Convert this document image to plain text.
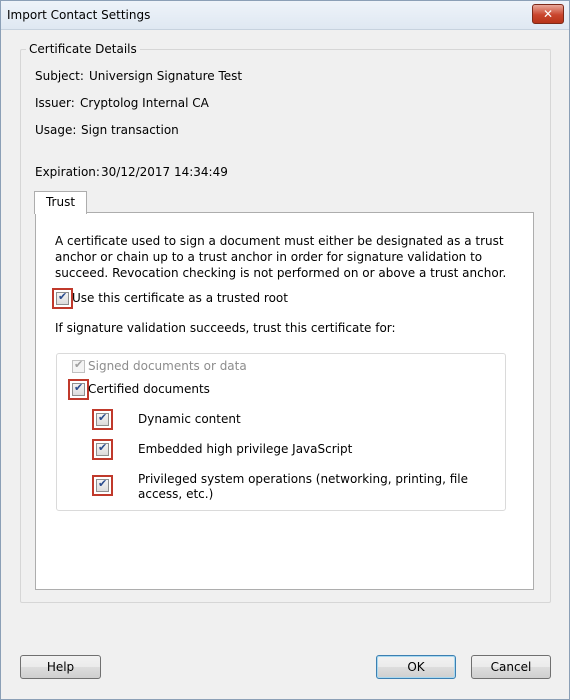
Import Contact Settings	✕
Certificate Details
Subject: Universign Signature Test
Issuer: Cryptolog Internal CA
Usage: Sign transaction
Expiration: 30/12/2017 14:34:49
Trust
A certificate used to sign a document must either be designated as a trust anchor or chain up to a trust anchor in order for signature validation to succeed. Revocation checking is not performed on or above a trust anchor.
✔ Use this certificate as a trusted root
If signature validation succeeds, trust this certificate for:
✔ Signed documents or data
✔ Certified documents
✔	Dynamic content
✔	Embedded high privilege JavaScript
✔	Privileged system operations (networking, printing, file
access, etc.)
Help	OK	Cancel
